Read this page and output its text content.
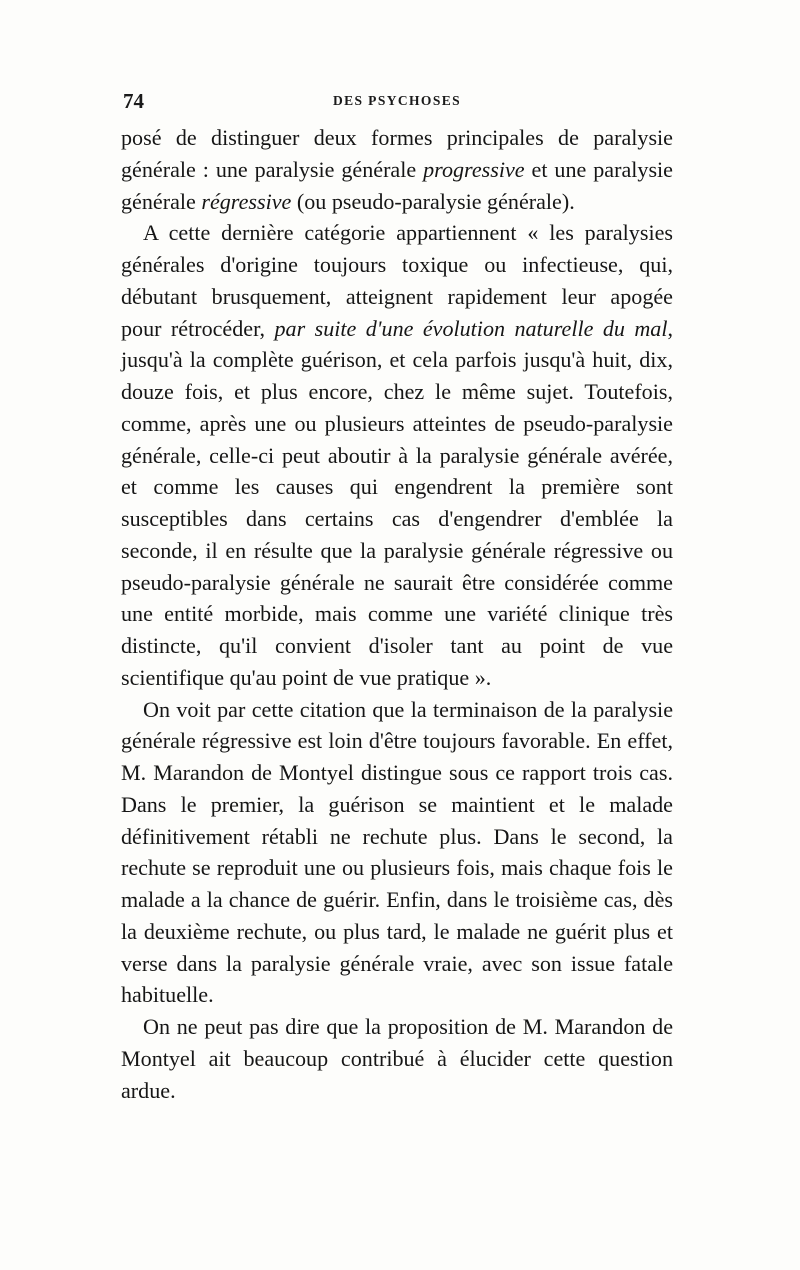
74	DES PSYCHOSES

posé de distinguer deux formes principales de paralysie générale : une paralysie générale progressive et une paralysie générale régressive (ou pseudo-paralysie générale).

A cette dernière catégorie appartiennent « les paralysies générales d'origine toujours toxique ou infectieuse, qui, débutant brusquement, atteignent rapidement leur apogée pour rétrocéder, par suite d'une évolution naturelle du mal, jusqu'à la complète guérison, et cela parfois jusqu'à huit, dix, douze fois, et plus encore, chez le même sujet. Toutefois, comme, après une ou plusieurs atteintes de pseudo-paralysie générale, celle-ci peut aboutir à la paralysie générale avérée, et comme les causes qui engendrent la première sont susceptibles dans certains cas d'engendrer d'emblée la seconde, il en résulte que la paralysie générale régressive ou pseudo-paralysie générale ne saurait être considérée comme une entité morbide, mais comme une variété clinique très distincte, qu'il convient d'isoler tant au point de vue scientifique qu'au point de vue pratique ».

On voit par cette citation que la terminaison de la paralysie générale régressive est loin d'être toujours favorable. En effet, M. Marandon de Montyel distingue sous ce rapport trois cas. Dans le premier, la guérison se maintient et le malade définitivement rétabli ne rechute plus. Dans le second, la rechute se reproduit une ou plusieurs fois, mais chaque fois le malade a la chance de guérir. Enfin, dans le troisième cas, dès la deuxième rechute, ou plus tard, le malade ne guérit plus et verse dans la paralysie générale vraie, avec son issue fatale habituelle.

On ne peut pas dire que la proposition de M. Marandon de Montyel ait beaucoup contribué à élucider cette question ardue.
